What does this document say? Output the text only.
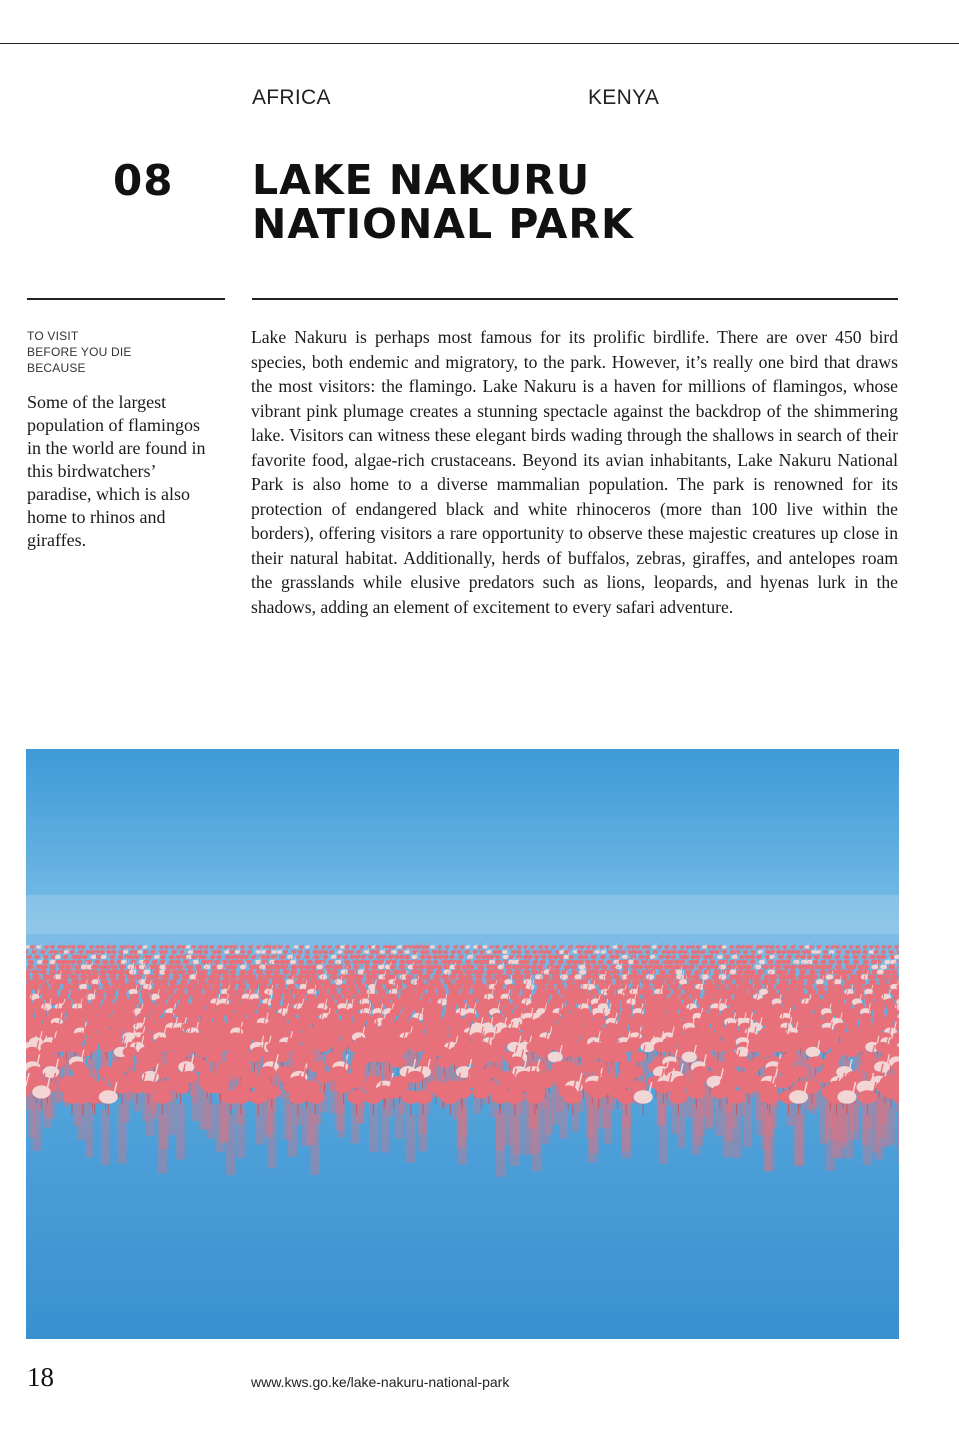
AFRICA	KENYA
08 LAKE NAKURU
NATIONAL PARK
TO VISIT
BEFORE YOU DIE
BECAUSE

Some of the largest population of flamingos in the world are found in this birdwatchers’ paradise, which is also home to rhinos and giraffes.

Lake Nakuru is perhaps most famous for its prolific birdlife. There are over 450 bird species, both endemic and migratory, to the park. However, it’s really one bird that draws the most visitors: the flamingo. Lake Nakuru is a haven for millions of flamingos, whose vibrant pink plumage creates a stunning spectacle against the backdrop of the shimmering lake. Visitors can witness these elegant birds wading through the shallows in search of their favorite food, algae-rich crustaceans. Beyond its avian inhabitants, Lake Nakuru National Park is also home to a diverse mammalian population. The park is renowned for its protection of endangered black and white rhinoceros (more than 100 live within the borders), offering visitors a rare opportunity to observe these majestic creatures up close in their natural habitat. Additionally, herds of buffalos, zebras, giraffes, and antelopes roam the grasslands while elusive predators such as lions, leopards, and hyenas lurk in the shadows, adding an element of excitement to every safari adventure.

18	www.kws.go.ke/lake-nakuru-national-park
